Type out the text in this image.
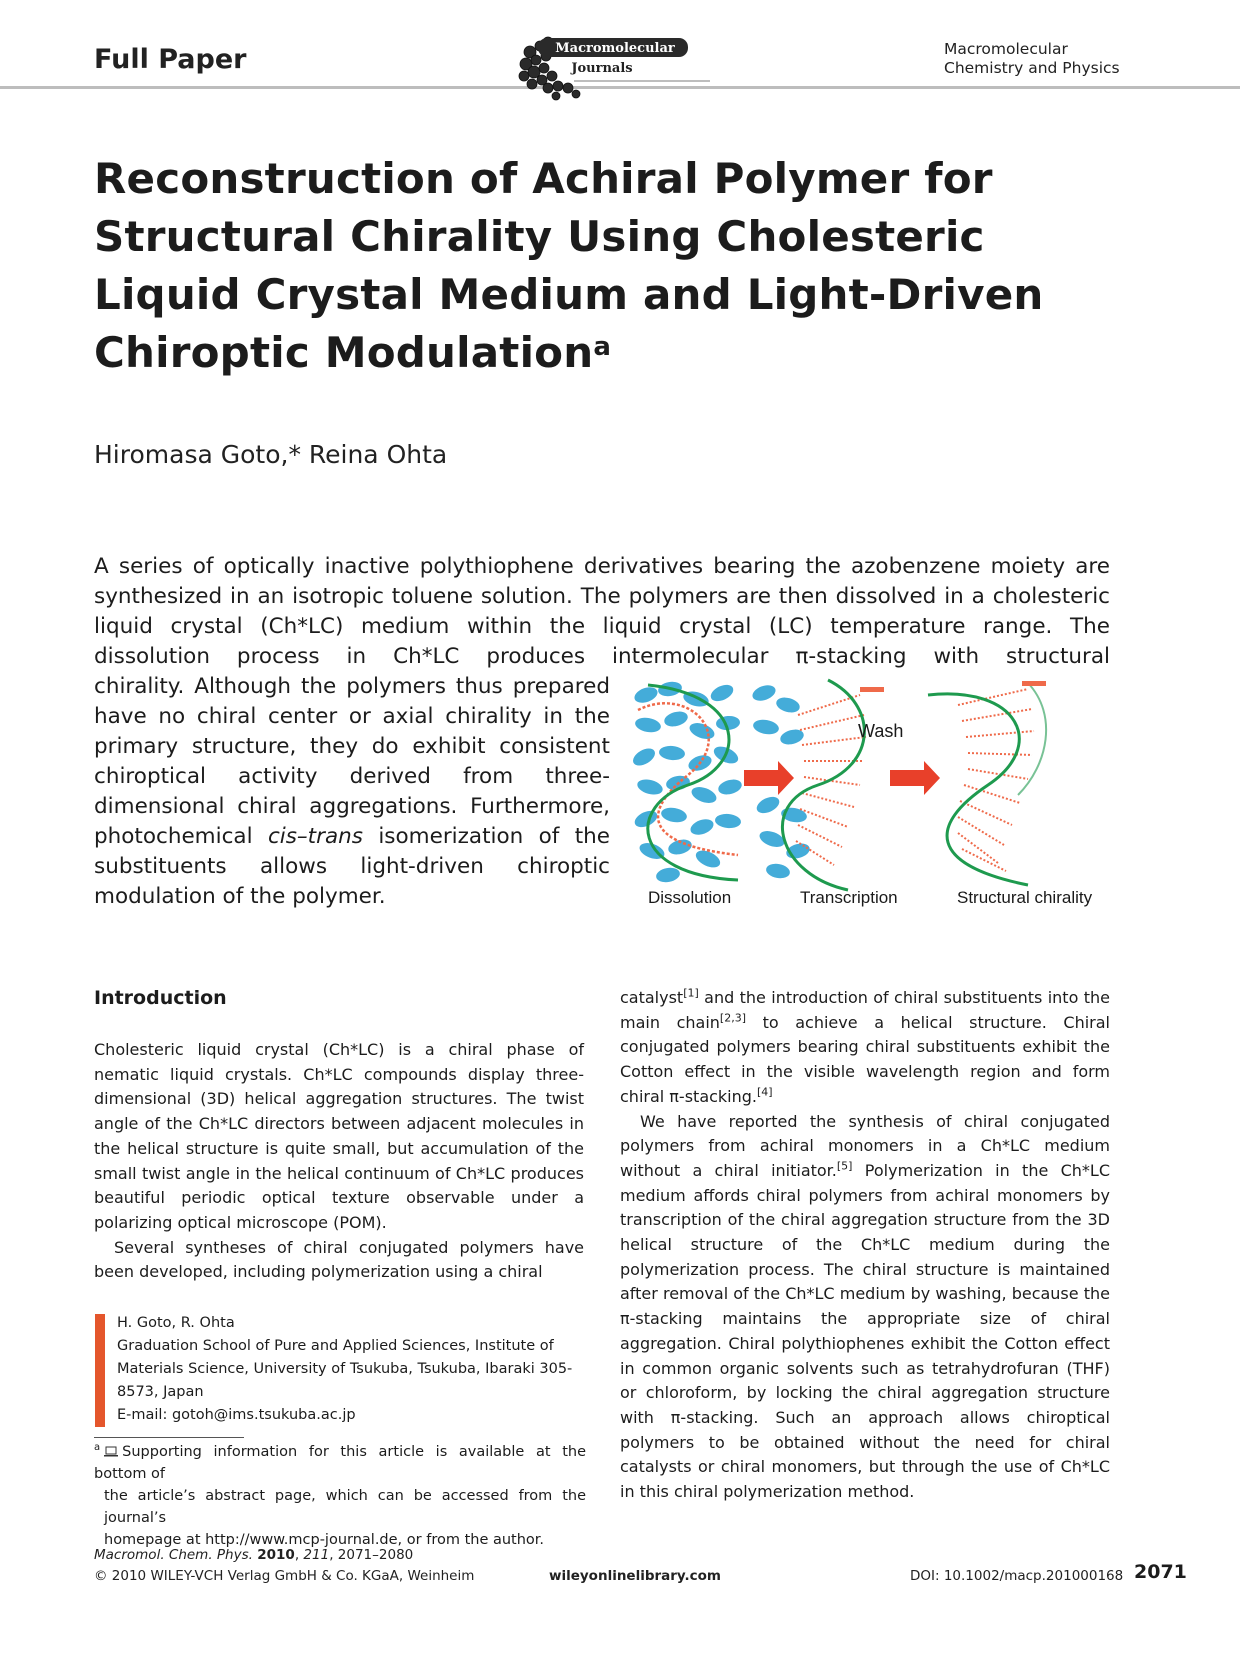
Full Paper	Macromolecular
Journals
Macromolecular
Chemistry and Physics
Reconstruction of Achiral Polymer for Structural Chirality Using Cholesteric Liquid Crystal Medium and Light-Driven Chiroptic Modulation$^a$
Hiromasa Goto,* Reina Ohta
A series of optically inactive polythiophene derivatives bearing the azobenzene moiety are synthesized in an isotropic toluene solution. The polymers are then dissolved in a cholesteric liquid crystal (Ch*LC) medium within the liquid crystal (LC) temperature range. The dissolution process in Ch*LC produces intermolecular π-stacking with structural
chirality. Although the polymers thus prepared have no chiral center or axial chirality in the primary structure, they do exhibit consistent chiroptical activity derived from three-dimensional chiral aggregations. Furthermore, photochemical cis–trans isomerization of the substituents allows light-driven chiroptic modulation of the polymer.
Wash
Dissolution	Transcription	Structural chirality
Introduction

Cholesteric liquid crystal (Ch*LC) is a chiral phase of nematic liquid crystals. Ch*LC compounds display three-dimensional (3D) helical aggregation structures. The twist angle of the Ch*LC directors between adjacent molecules in the helical structure is quite small, but accumulation of the small twist angle in the helical continuum of Ch*LC produces beautiful periodic optical texture observable under a polarizing optical microscope (POM).

Several syntheses of chiral conjugated polymers have been developed, including polymerization using a chiral

catalyst[1] and the introduction of chiral substituents into the main chain[2,3] to achieve a helical structure. Chiral conjugated polymers bearing chiral substituents exhibit the Cotton effect in the visible wavelength region and form chiral π-stacking.[4]

We have reported the synthesis of chiral conjugated polymers from achiral monomers in a Ch*LC medium without a chiral initiator.[5] Polymerization in the Ch*LC medium affords chiral polymers from achiral monomers by transcription of the chiral aggregation structure from the 3D helical structure of the Ch*LC medium during the polymerization process. The chiral structure is maintained after removal of the Ch*LC medium by washing, because the π-stacking maintains the appropriate size of chiral aggregation. Chiral polythiophenes exhibit the Cotton effect in common organic solvents such as tetrahydrofuran (THF) or chloroform, by locking the chiral aggregation structure with π-stacking. Such an approach allows chiroptical polymers to be obtained without the need for chiral catalysts or chiral monomers, but through the use of Ch*LC in this chiral polymerization method.

H. Goto, R. Ohta
Graduation School of Pure and Applied Sciences, Institute of
Materials Science, University of Tsukuba, Tsukuba, Ibaraki 305-
8573, Japan
E-mail: gotoh@ims.tsukuba.ac.jp
$^a$ Supporting information for this article is available at the bottom of
the article’s abstract page, which can be accessed from the journal’s
homepage at http://www.mcp-journal.de, or from the author.
Macromol. Chem. Phys. 2010, 211, 2071–2080
© 2010 WILEY-VCH Verlag GmbH & Co. KGaA, Weinheim	wileyonlinelibrary.com	DOI: 10.1002/macp.201000168 2071
